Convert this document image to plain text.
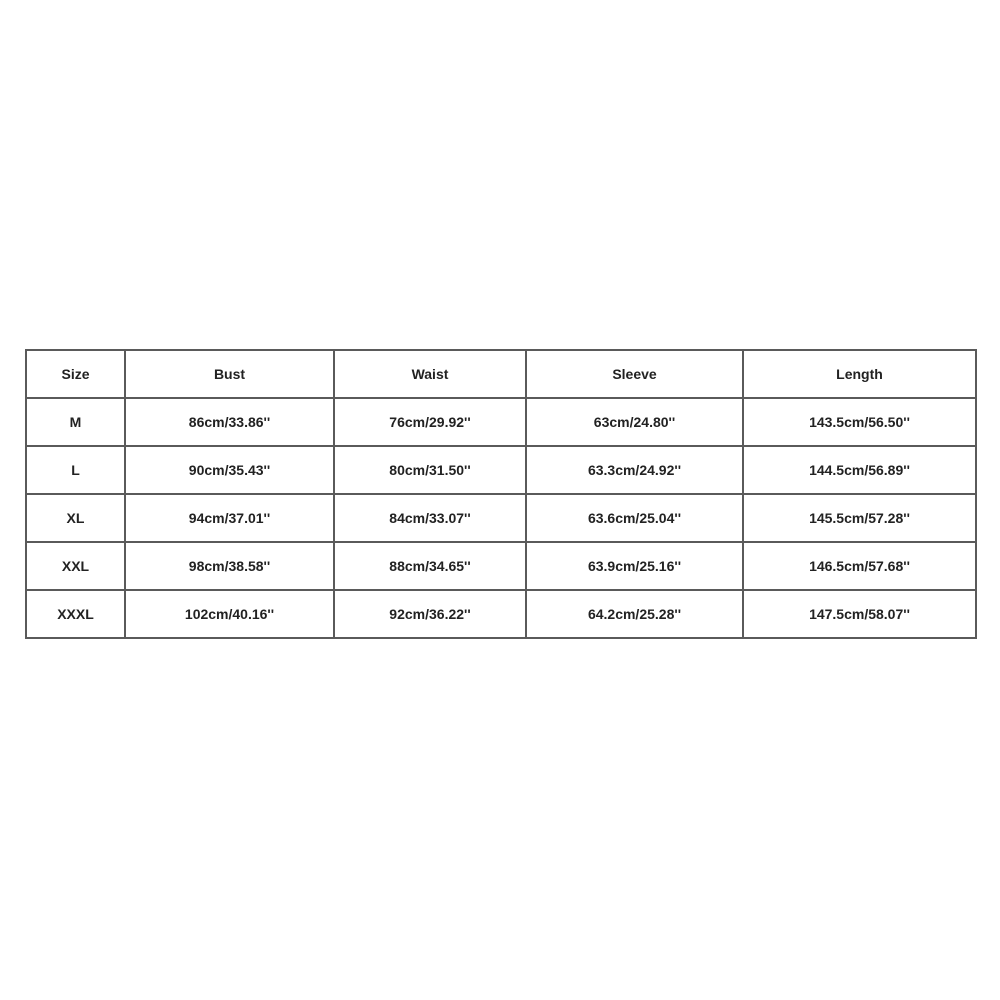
Size	Bust	Waist	Sleeve	Length
M	86cm/33.86''	76cm/29.92''	63cm/24.80''	143.5cm/56.50''
L	90cm/35.43''	80cm/31.50''	63.3cm/24.92''	144.5cm/56.89''
XL	94cm/37.01''	84cm/33.07''	63.6cm/25.04''	145.5cm/57.28''
XXL	98cm/38.58''	88cm/34.65''	63.9cm/25.16''	146.5cm/57.68''
XXXL	102cm/40.16''	92cm/36.22''	64.2cm/25.28''	147.5cm/58.07''
